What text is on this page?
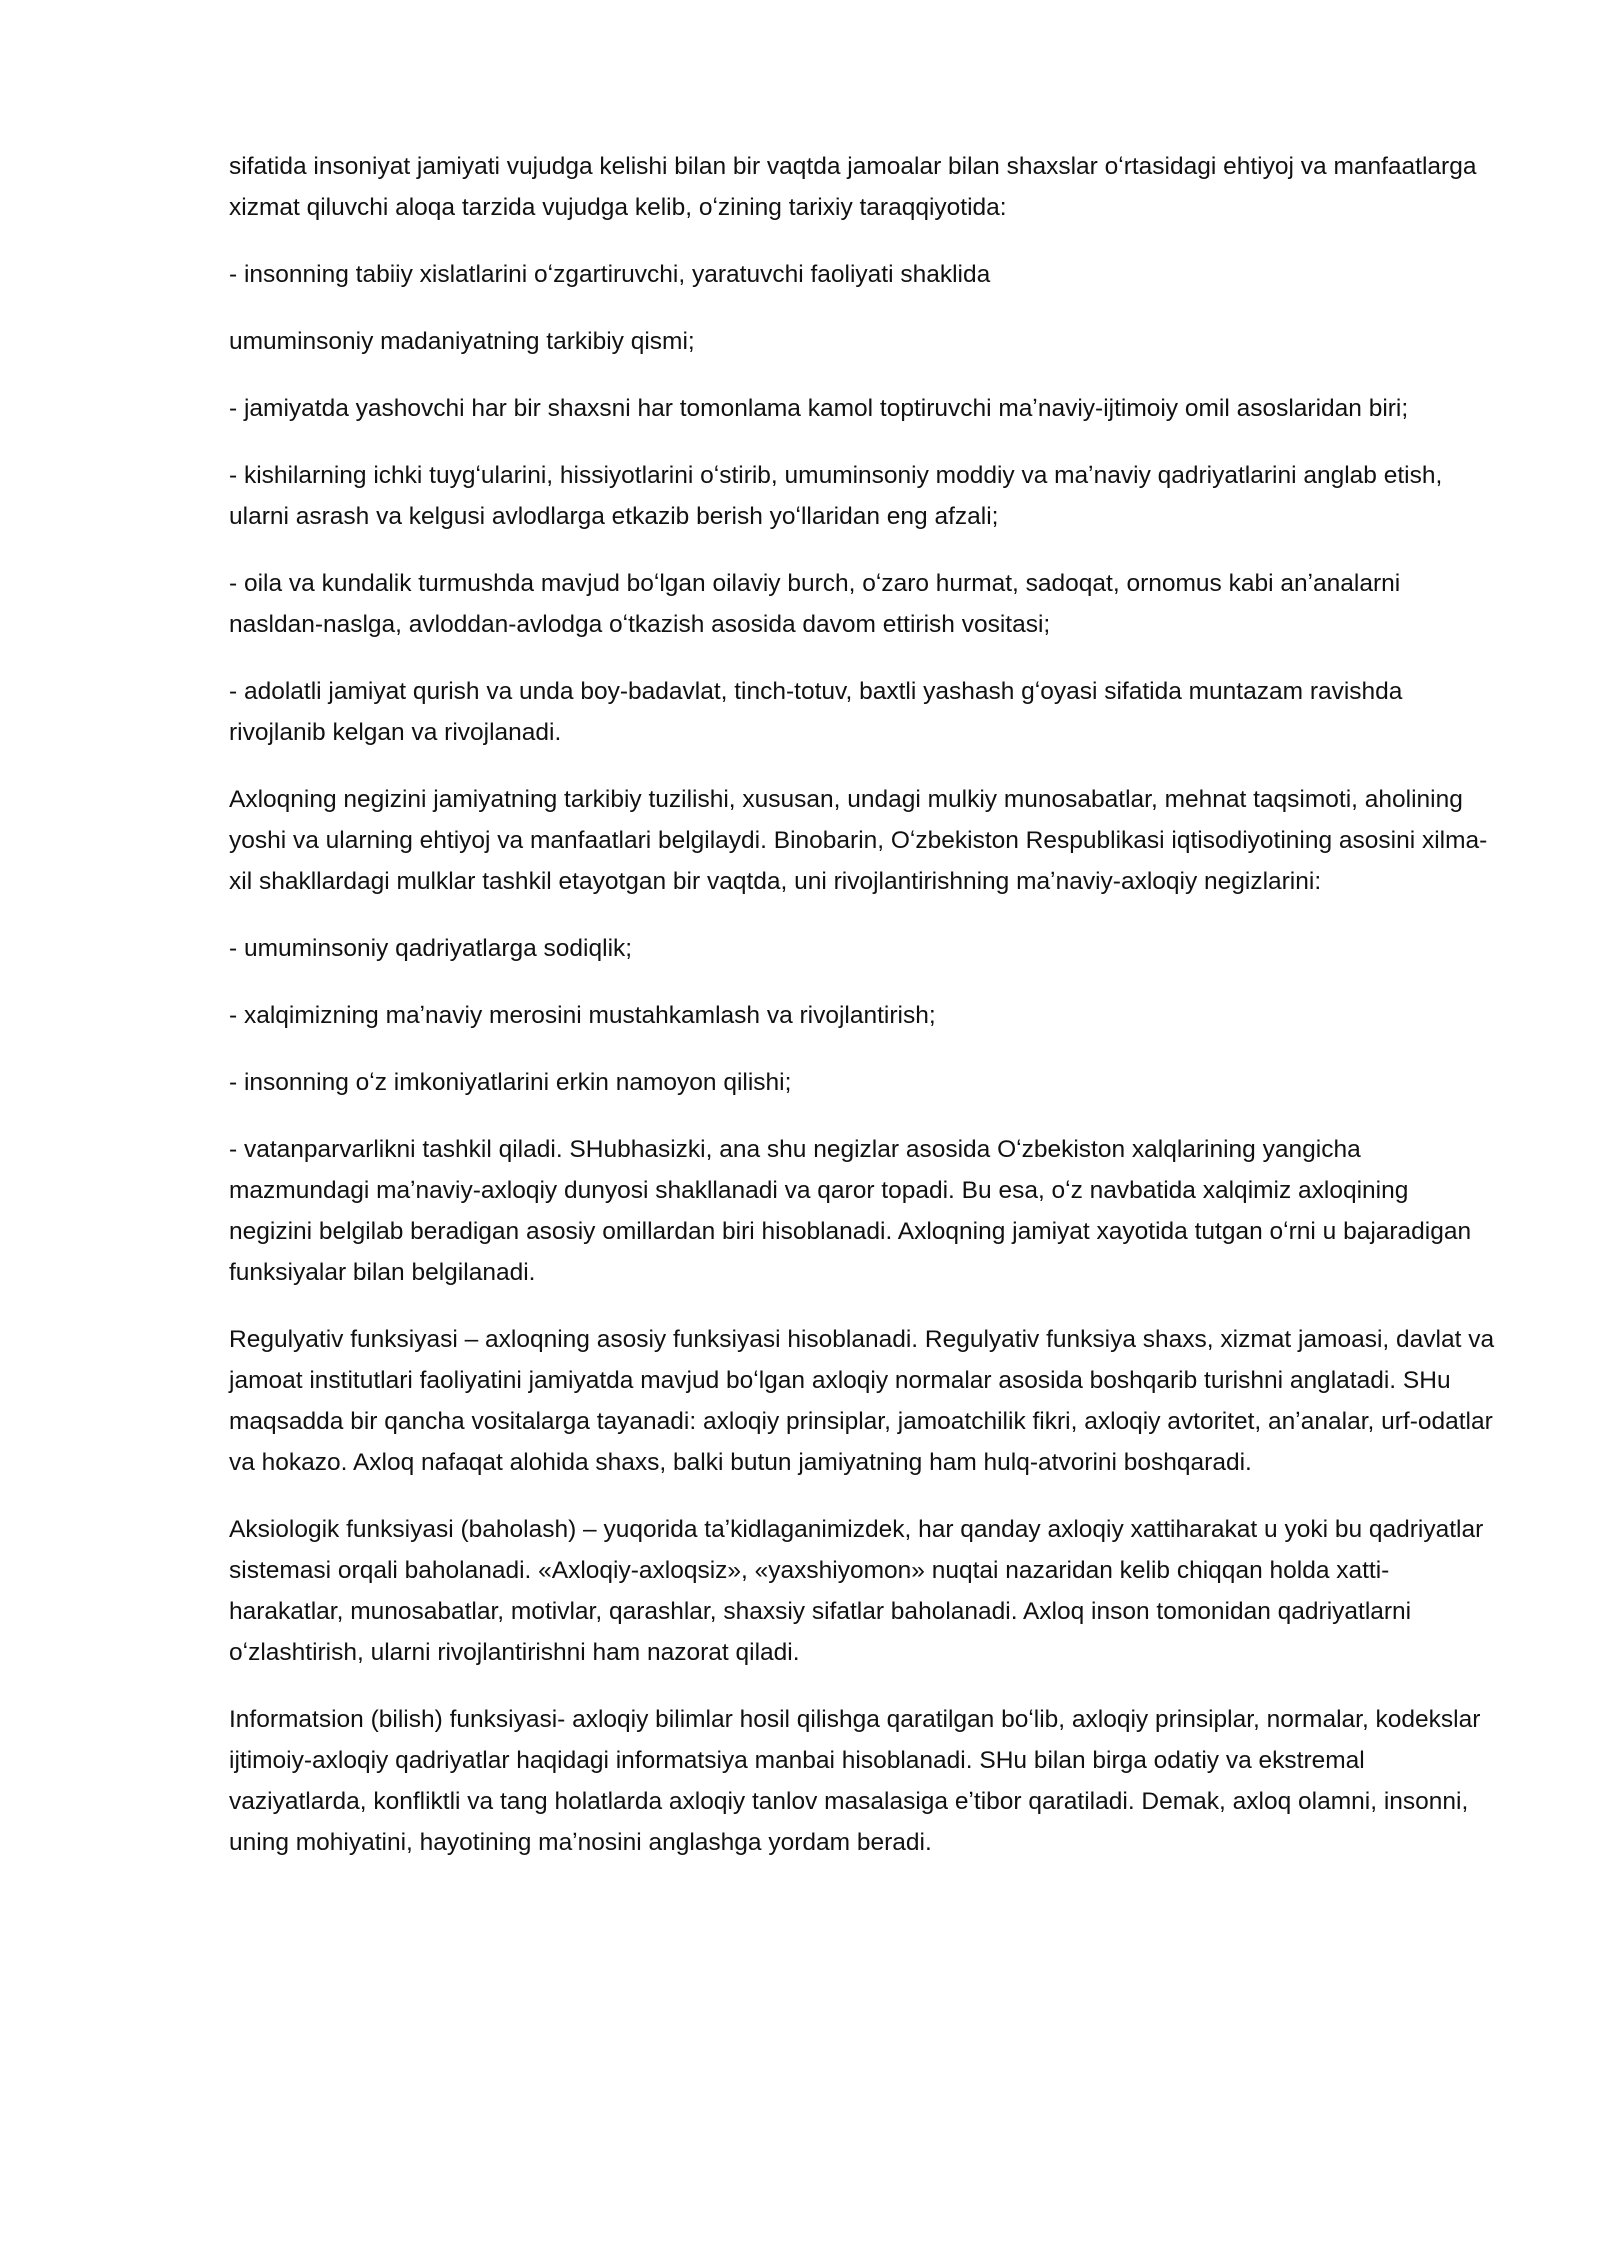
sifatida insoniyat jamiyati vujudga kelishi bilan bir vaqtda jamoalar bilan shaxslar oʻrtasidagi ehtiyoj va manfaatlarga xizmat qiluvchi aloqa tarzida vujudga kelib, oʻzining tarixiy taraqqiyotida:

- insonning tabiiy xislatlarini oʻzgartiruvchi, yaratuvchi faoliyati shaklida

umuminsoniy madaniyatning tarkibiy qismi;

- jamiyatda yashovchi har bir shaxsni har tomonlama kamol toptiruvchi maʼnaviy-ijtimoiy omil asoslaridan biri;

- kishilarning ichki tuygʻularini, hissiyotlarini oʻstirib, umuminsoniy moddiy va maʼnaviy qadriyatlarini anglab etish, ularni asrash va kelgusi avlodlarga etkazib berish yoʻllaridan eng afzali;

- oila va kundalik turmushda mavjud boʻlgan oilaviy burch, oʻzaro hurmat, sadoqat, ornomus kabi anʼanalarni nasldan-naslga, avloddan-avlodga oʻtkazish asosida davom ettirish vositasi;

- adolatli jamiyat qurish va unda boy-badavlat, tinch-totuv, baxtli yashash gʻoyasi sifatida muntazam ravishda rivojlanib kelgan va rivojlanadi.

Axloqning negizini jamiyatning tarkibiy tuzilishi, xususan, undagi mulkiy munosabatlar, mehnat taqsimoti, aholining yoshi va ularning ehtiyoj va manfaatlari belgilaydi. Binobarin, Oʻzbekiston Respublikasi iqtisodiyotining asosini xilma-xil shakllardagi mulklar tashkil etayotgan bir vaqtda, uni rivojlantirishning maʼnaviy-axloqiy negizlarini:

- umuminsoniy qadriyatlarga sodiqlik;

- xalqimizning maʼnaviy merosini mustahkamlash va rivojlantirish;

- insonning oʻz imkoniyatlarini erkin namoyon qilishi;

- vatanparvarlikni tashkil qiladi. SHubhasizki, ana shu negizlar asosida Oʻzbekiston xalqlarining yangicha mazmundagi maʼnaviy-axloqiy dunyosi shakllanadi va qaror topadi. Bu esa, oʻz navbatida xalqimiz axloqining negizini belgilab beradigan asosiy omillardan biri hisoblanadi. Axloqning jamiyat xayotida tutgan oʻrni u bajaradigan funksiyalar bilan belgilanadi.

Regulyativ funksiyasi – axloqning asosiy funksiyasi hisoblanadi. Regulyativ funksiya shaxs, xizmat jamoasi, davlat va jamoat institutlari faoliyatini jamiyatda mavjud boʻlgan axloqiy normalar asosida boshqarib turishni anglatadi. SHu maqsadda bir qancha vositalarga tayanadi: axloqiy prinsiplar, jamoatchilik fikri, axloqiy avtoritet, anʼanalar, urf-odatlar va hokazo. Axloq nafaqat alohida shaxs, balki butun jamiyatning ham hulq-atvorini boshqaradi.

Aksiologik funksiyasi (baholash) – yuqorida taʼkidlaganimizdek, har qanday axloqiy xattiharakat u yoki bu qadriyatlar sistemasi orqali baholanadi. «Axloqiy-axloqsiz», «yaxshiyomon» nuqtai nazaridan kelib chiqqan holda xatti-harakatlar, munosabatlar, motivlar, qarashlar, shaxsiy sifatlar baholanadi. Axloq inson tomonidan qadriyatlarni oʻzlashtirish, ularni rivojlantirishni ham nazorat qiladi.

Informatsion (bilish) funksiyasi- axloqiy bilimlar hosil qilishga qaratilgan boʻlib, axloqiy prinsiplar, normalar, kodekslar ijtimoiy-axloqiy qadriyatlar haqidagi informatsiya manbai hisoblanadi. SHu bilan birga odatiy va ekstremal vaziyatlarda, konfliktli va tang holatlarda axloqiy tanlov masalasiga eʼtibor qaratiladi. Demak, axloq olamni, insonni, uning mohiyatini, hayotining maʼnosini anglashga yordam beradi.
